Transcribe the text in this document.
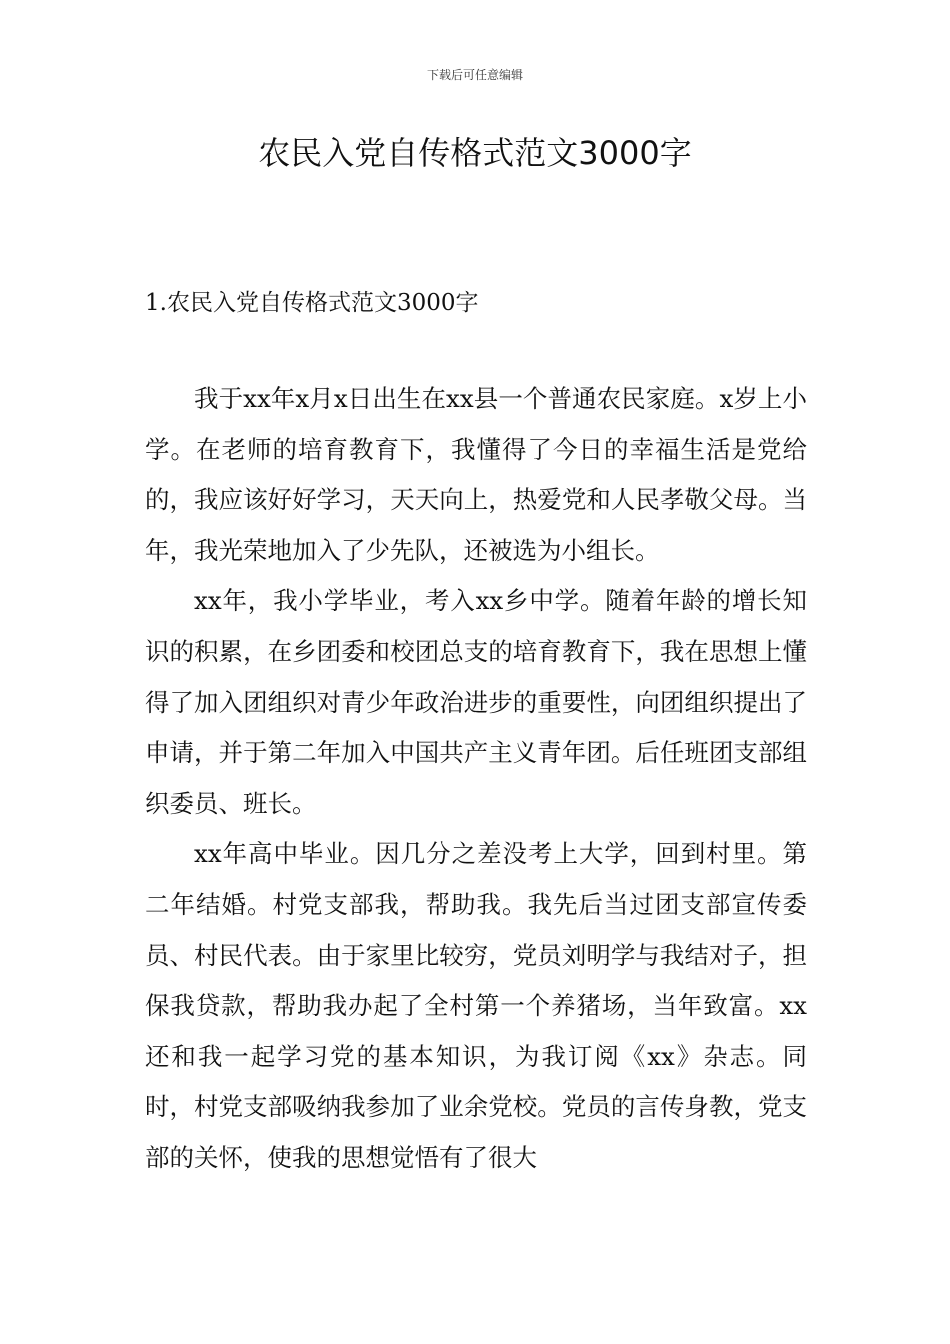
下载后可任意编辑
农民入党自传格式范文3000字
1.农民入党自传格式范文3000字

我于xx年x月x日出生在xx县一个普通农民家庭。x岁上小学。在老师的培育教育下，我懂得了今日的幸福生活是党给的，我应该好好学习，天天向上，热爱党和人民孝敬父母。当年，我光荣地加入了少先队，还被选为小组长。

xx年，我小学毕业，考入xx乡中学。随着年龄的增长知识的积累，在乡团委和校团总支的培育教育下，我在思想上懂得了加入团组织对青少年政治进步的重要性，向团组织提出了申请，并于第二年加入中国共产主义青年团。后任班团支部组织委员、班长。

xx年高中毕业。因几分之差没考上大学，回到村里。第二年结婚。村党支部我，帮助我。我先后当过团支部宣传委员、村民代表。由于家里比较穷，党员刘明学与我结对子，担保我贷款，帮助我办起了全村第一个养猪场，当年致富。xx还和我一起学习党的基本知识，为我订阅《xx》杂志。同时，村党支部吸纳我参加了业余党校。党员的言传身教，党支部的关怀，使我的思想觉悟有了很大
